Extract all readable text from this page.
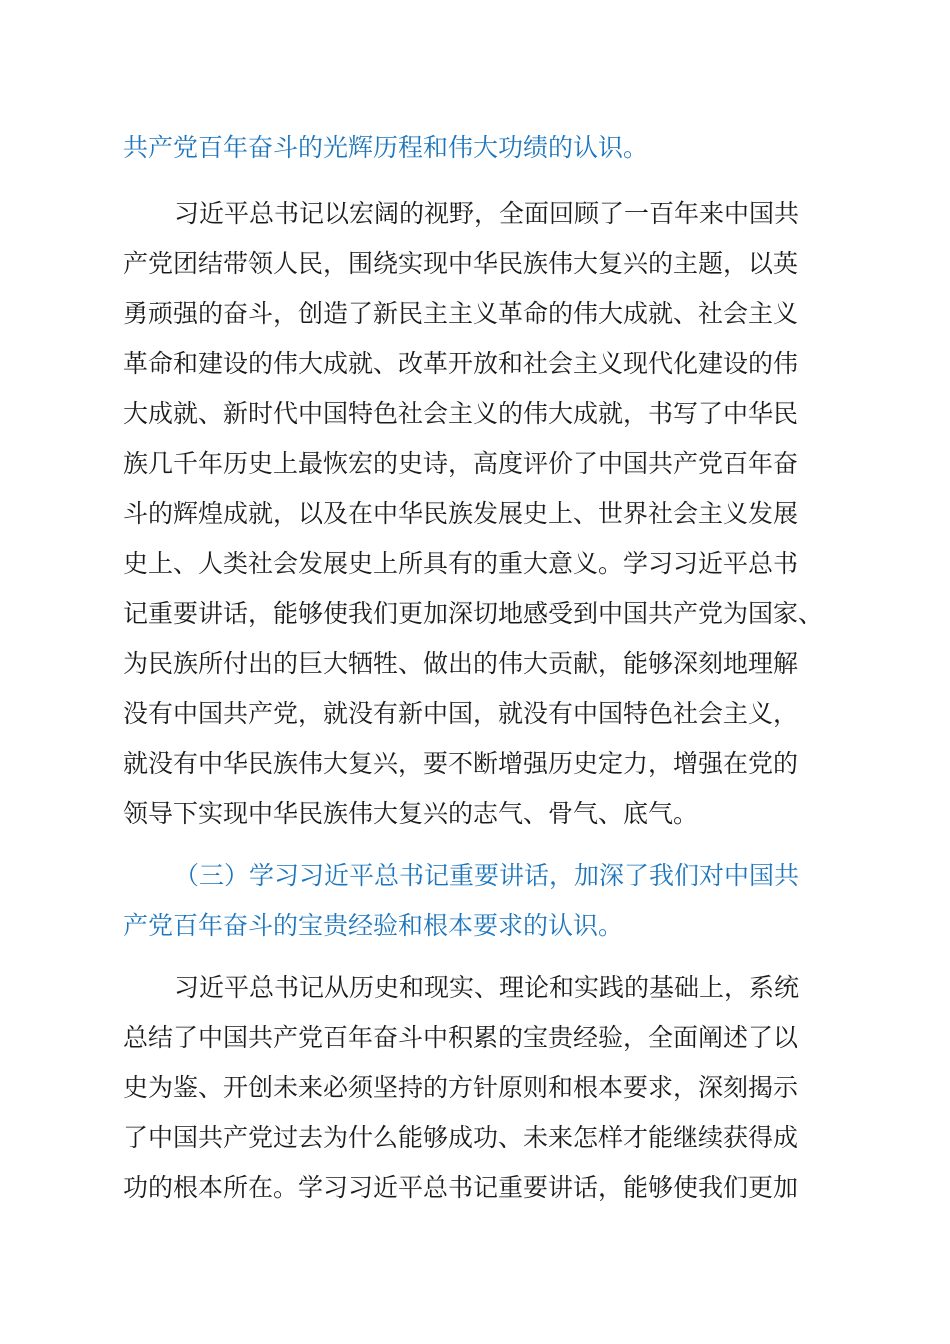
共产党百年奋斗的光辉历程和伟大功绩的认识。
习近平总书记以宏阔的视野，全面回顾了一百年来中国共
产党团结带领人民，围绕实现中华民族伟大复兴的主题，以英
勇顽强的奋斗，创造了新民主主义革命的伟大成就、社会主义
革命和建设的伟大成就、改革开放和社会主义现代化建设的伟
大成就、新时代中国特色社会主义的伟大成就，书写了中华民
族几千年历史上最恢宏的史诗，高度评价了中国共产党百年奋
斗的辉煌成就，以及在中华民族发展史上、世界社会主义发展
史上、人类社会发展史上所具有的重大意义。学习习近平总书
记重要讲话，能够使我们更加深切地感受到中国共产党为国家、
为民族所付出的巨大牺牲、做出的伟大贡献，能够深刻地理解
没有中国共产党，就没有新中国，就没有中国特色社会主义，
就没有中华民族伟大复兴，要不断增强历史定力，增强在党的
领导下实现中华民族伟大复兴的志气、骨气、底气。
（三）学习习近平总书记重要讲话，加深了我们对中国共
产党百年奋斗的宝贵经验和根本要求的认识。
习近平总书记从历史和现实、理论和实践的基础上，系统
总结了中国共产党百年奋斗中积累的宝贵经验，全面阐述了以
史为鉴、开创未来必须坚持的方针原则和根本要求，深刻揭示
了中国共产党过去为什么能够成功、未来怎样才能继续获得成
功的根本所在。学习习近平总书记重要讲话，能够使我们更加
